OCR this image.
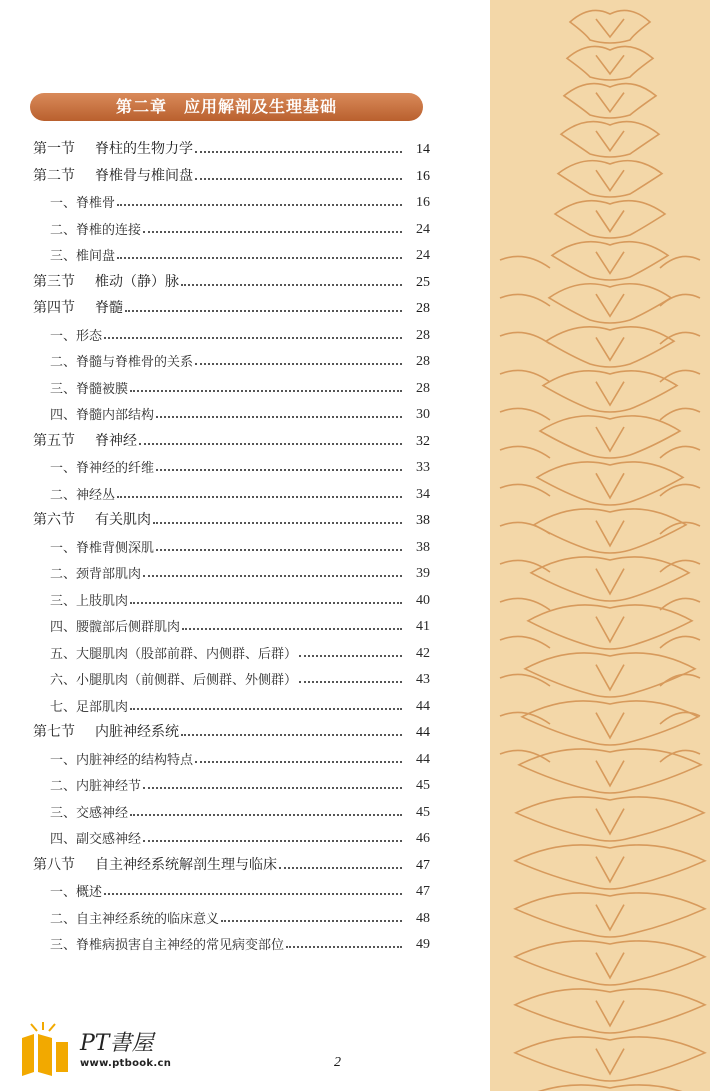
第二章　应用解剖及生理基础
第一节 脊柱的生物力学	14
第二节 脊椎骨与椎间盘	16
一、脊椎骨	16
二、脊椎的连接	24
三、椎间盘	24
第三节 椎动（静）脉	25
第四节 脊髓	28
一、形态	28
二、脊髓与脊椎骨的关系	28
三、脊髓被膜	28
四、脊髓内部结构	30
第五节 脊神经	32
一、脊神经的纤维	33
二、神经丛	34
第六节 有关肌肉	38
一、脊椎背侧深肌	38
二、颈背部肌肉	39
三、上肢肌肉	40
四、腰髋部后侧群肌肉	41
五、大腿肌肉（股部前群、内侧群、后群）	42
六、小腿肌肉（前侧群、后侧群、外侧群）	43
七、足部肌肉	44
第七节 内脏神经系统	44
一、内脏神经的结构特点	44
二、内脏神经节	45
三、交感神经	45
四、副交感神经	46
第八节 自主神经系统解剖生理与临床	47
一、概述	47
二、自主神经系统的临床意义	48
三、脊椎病损害自主神经的常见病变部位	49
2
PT書屋
www.ptbook.cn
